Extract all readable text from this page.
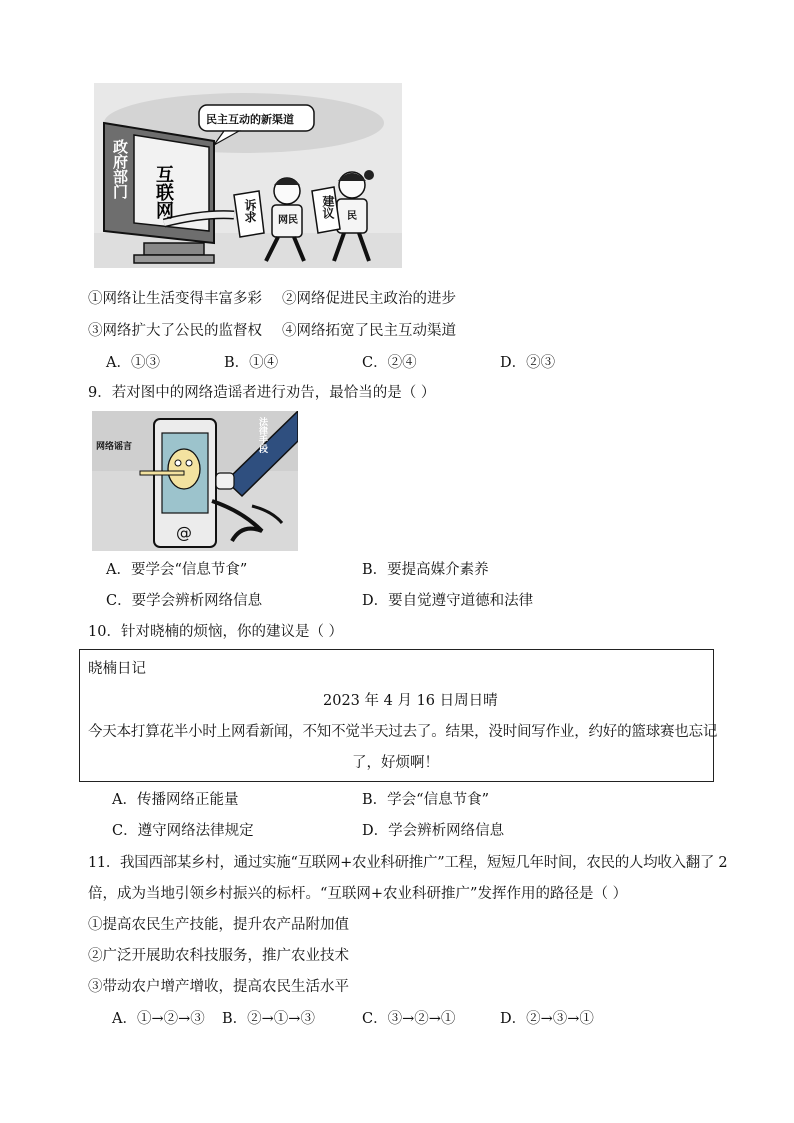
民主互动的新渠道
互联网
政府部门
诉求	建议
网民	民
①网络让生活变得丰富多彩 ②网络促进民主政治的进步
③网络扩大了公民的监督权 ④网络拓宽了民主互动渠道
A．①③	B．①④	C．②④	D．②③
9．若对图中的网络造谣者进行劝告，最恰当的是（ ）
网络谣言	法律手段
@
A．要学会“信息节食”	B．要提高媒介素养
C．要学会辨析网络信息	D．要自觉遵守道德和法律
10．针对晓楠的烦恼，你的建议是（ ）
晓楠日记
2023 年 4 月 16 日周日晴
今天本打算花半小时上网看新闻，不知不觉半天过去了。结果，没时间写作业，约好的篮球赛也忘记
了，好烦啊！
A．传播网络正能量	B．学会“信息节食”
C．遵守网络法律规定	D．学会辨析网络信息
11．我国西部某乡村，通过实施“互联网+农业科研推广”工程，短短几年时间，农民的人均收入翻了 2
倍，成为当地引领乡村振兴的标杆。“互联网+农业科研推广”发挥作用的路径是（ ）
①提高农民生产技能，提升农产品附加值
②广泛开展助农科技服务，推广农业技术
③带动农户增产增收，提高农民生活水平
A．①→②→③ B．②→①→③	C．③→②→①	D．②→③→①
